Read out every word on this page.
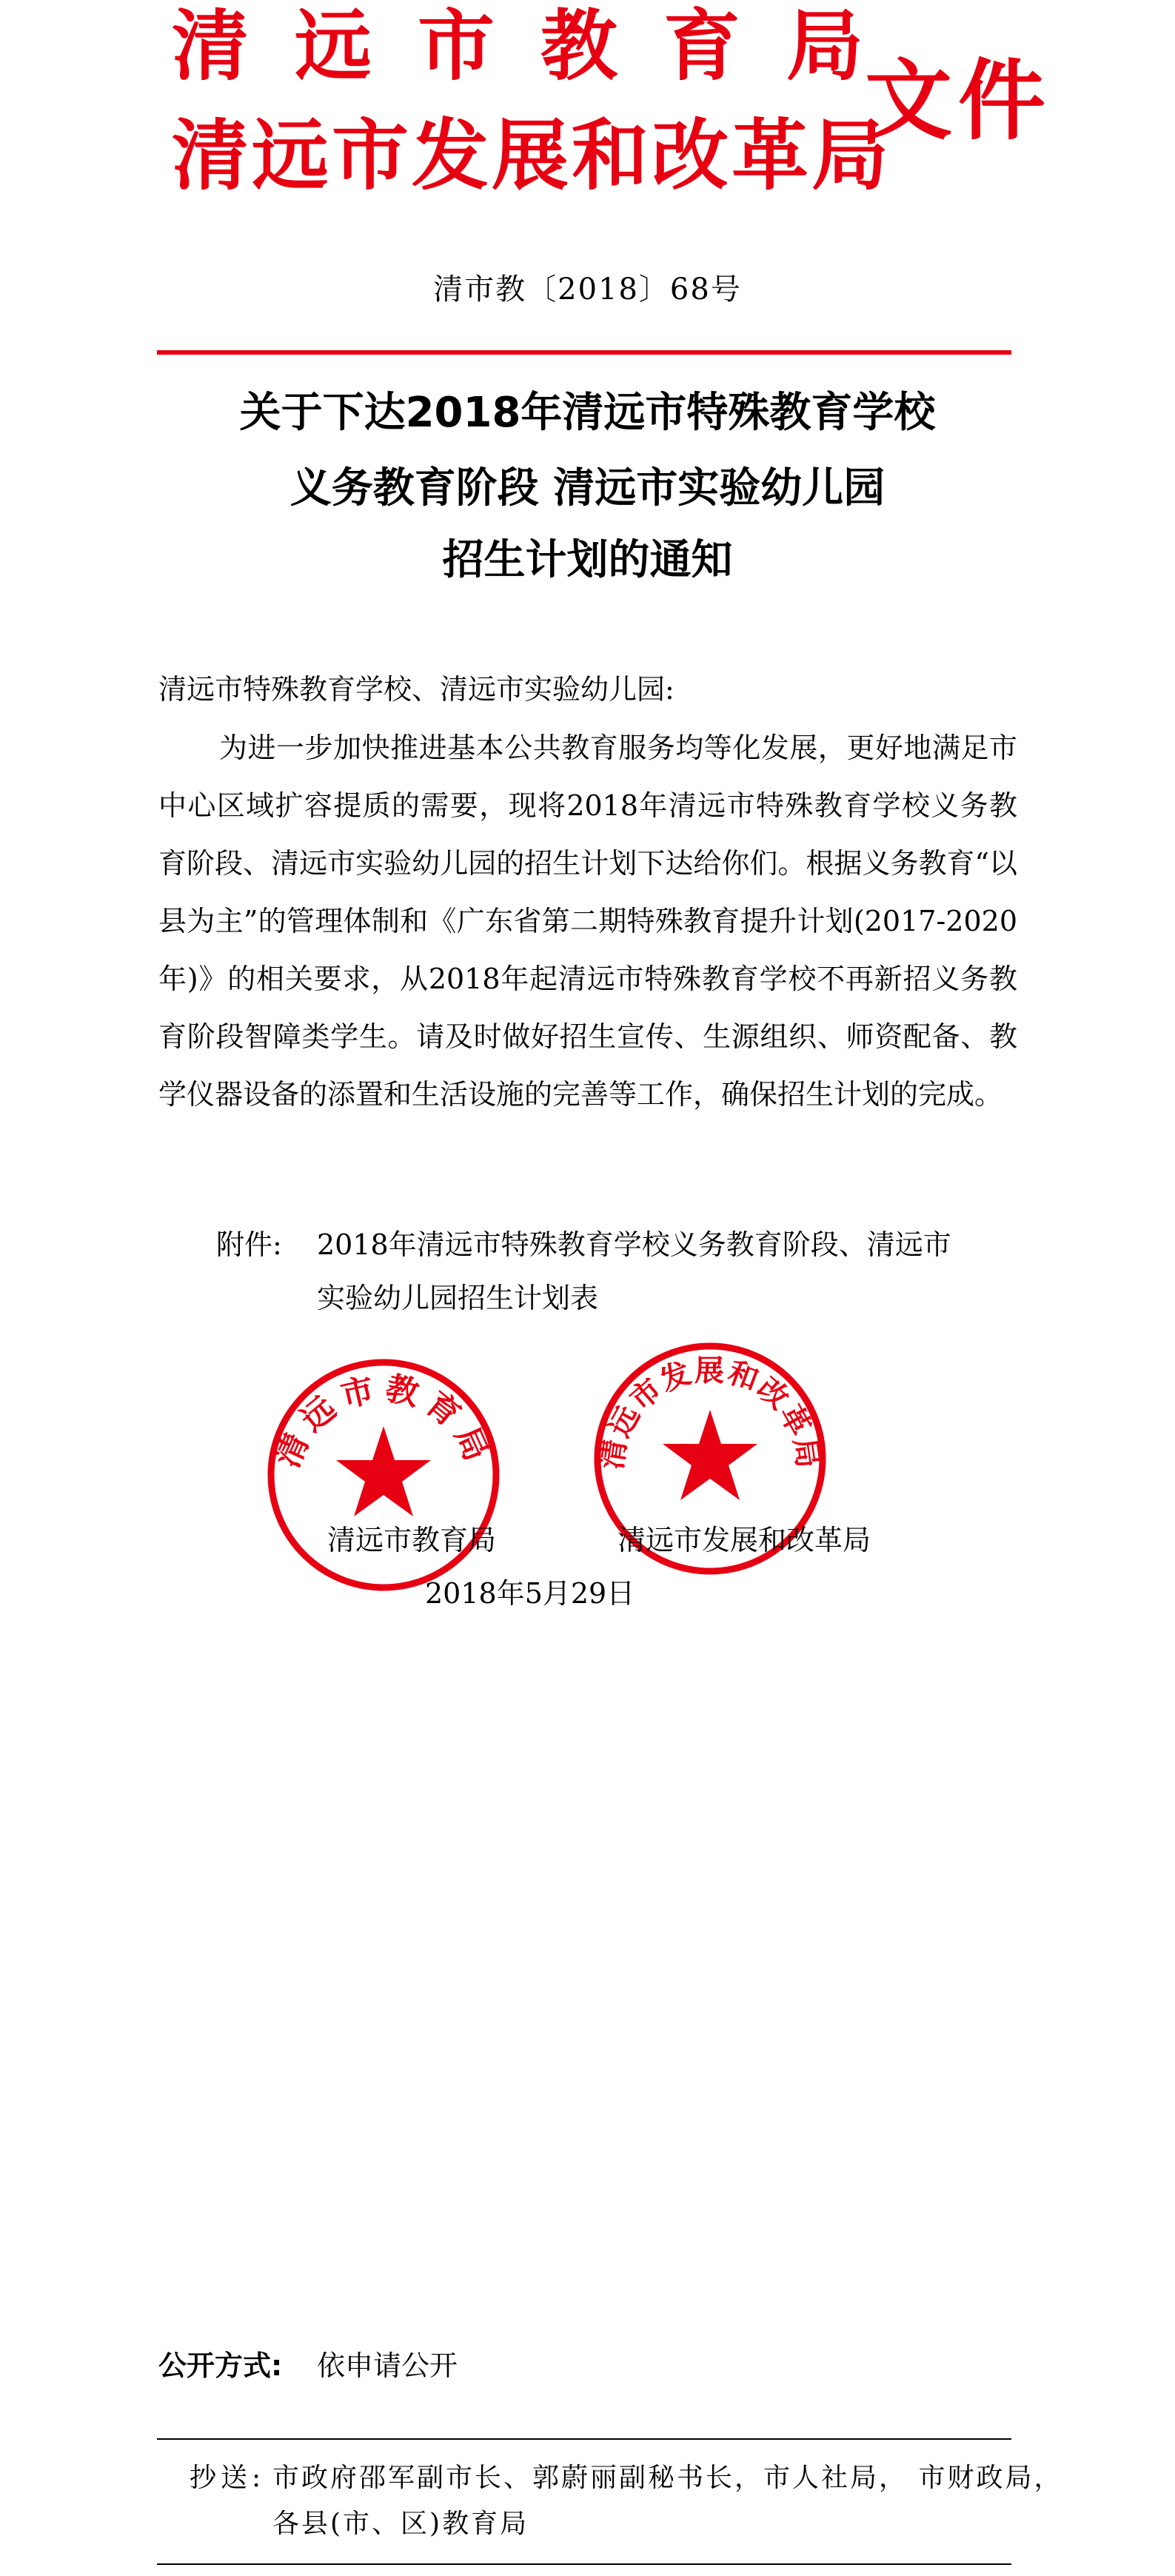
清远市教育局
清远市发展和改革局
文件
清市教〔2018〕68号
关于下达2018年清远市特殊教育学校
义务教育阶段 清远市实验幼儿园
招生计划的通知
清远市特殊教育学校、清远市实验幼儿园:
为进一步加快推进基本公共教育服务均等化发展，更好地满足市中心区域扩容提质的需要，现将2018年清远市特殊教育学校义务教育阶段、清远市实验幼儿园的招生计划下达给你们。根据义务教育“以县为主”的管理体制和《广东省第二期特殊教育提升计划(2017-2020年)》的相关要求，从2018年起清远市特殊教育学校不再新招义务教育阶段智障类学生。请及时做好招生宣传、生源组织、师资配备、教学仪器设备的添置和生活设施的完善等工作，确保招生计划的完成。
附件: 2018年清远市特殊教育学校义务教育阶段、清远市
实验幼儿园招生计划表
清远市教育局	清远市发展和改革局
清远市教育局	清远市发展和改革局
2018年5月29日
公开方式: 依申请公开
抄送: 市政府邵军副市长、郭蔚丽副秘书长，市人社局， 市财政局，
各县(市、区)教育局
